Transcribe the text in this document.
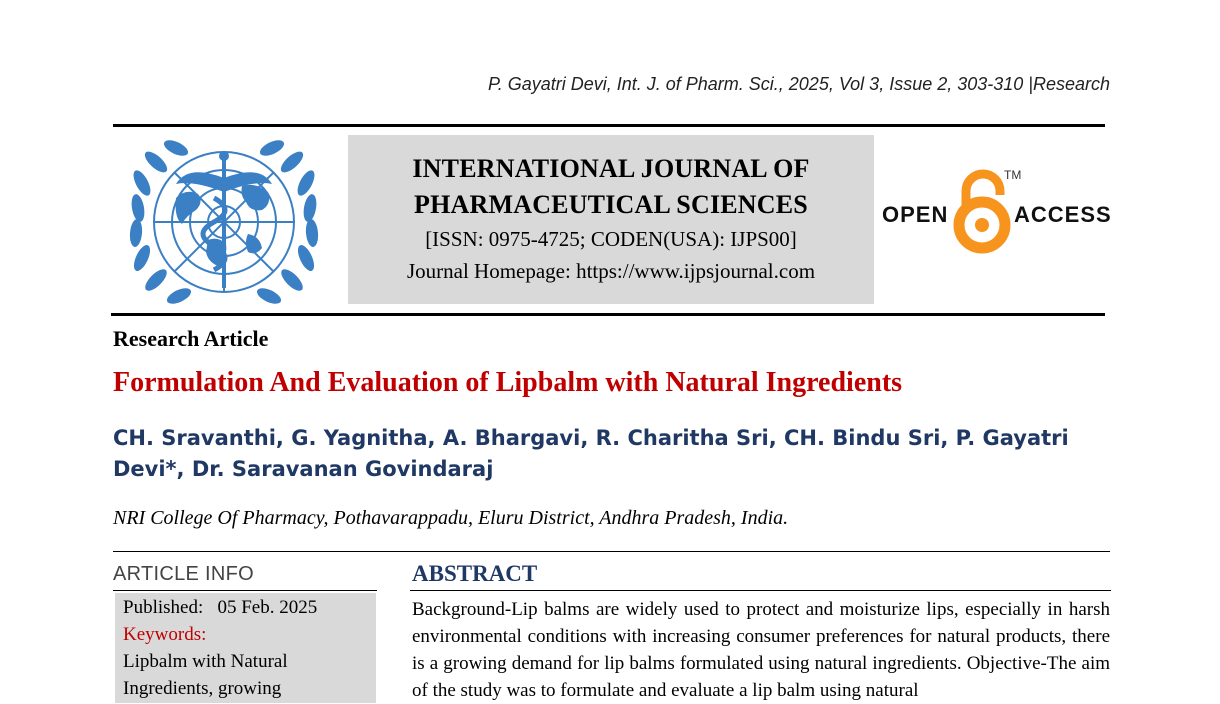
P. Gayatri Devi, Int. J. of Pharm. Sci., 2025, Vol 3, Issue 2, 303-310 |Research
INTERNATIONAL JOURNAL OF
PHARMACEUTICAL SCIENCES
[ISSN: 0975-4725; CODEN(USA): IJPS00]
Journal Homepage: https://www.ijpsjournal.com
OPEN
TM
ACCESS
Research Article
Formulation And Evaluation of Lipbalm with Natural Ingredients
CH. Sravanthi, G. Yagnitha, A. Bhargavi, R. Charitha Sri, CH. Bindu Sri, P. Gayatri Devi*, Dr. Saravanan Govindaraj
NRI College Of Pharmacy, Pothavarappadu, Eluru District, Andhra Pradesh, India.
ARTICLE INFO
Published: 05 Feb. 2025
Keywords:
Lipbalm with Natural
Ingredients, growing
ABSTRACT
Background-Lip balms are widely used to protect and moisturize lips, especially in harsh environmental conditions with increasing consumer preferences for natural products, there is a growing demand for lip balms formulated using natural ingredients. Objective-The aim of the study was to formulate and evaluate a lip balm using natural
